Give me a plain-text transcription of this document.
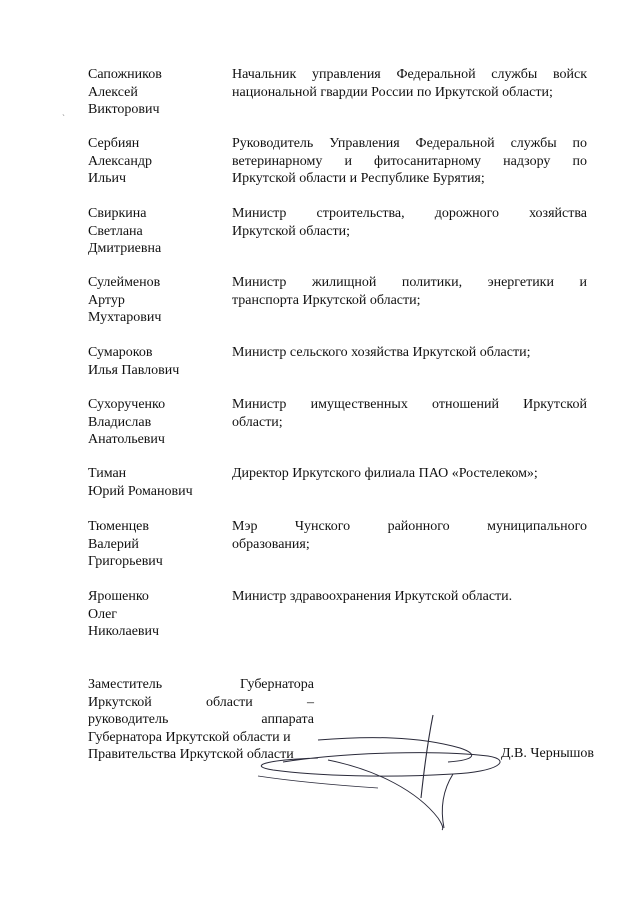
`
Сапожников
Алексей
Викторович
Начальник управления Федеральной службы войск
национальной гвардии России по Иркутской области;
Сербиян
Александр
Ильич
Руководитель Управления Федеральной службы по
ветеринарному и фитосанитарному надзору по
Иркутской области и Республике Бурятия;
Свиркина
Светлана
Дмитриевна
Министр строительства, дорожного хозяйства
Иркутской области;
Сулейменов
Артур
Мухтарович
Министр жилищной политики, энергетики и
транспорта Иркутской области;
Сумароков
Илья Павлович
Министр сельского хозяйства Иркутской области;
Сухорученко
Владислав
Анатольевич
Министр имущественных отношений Иркутской
области;
Тиман
Юрий Романович
Директор Иркутского филиала ПАО «Ростелеком»;
Тюменцев
Валерий
Григорьевич
Мэр Чунского районного муниципального
образования;
Ярошенко
Олег
Николаевич
Министр здравоохранения Иркутской области.
Заместитель Губернатора
Иркутской области –
руководитель аппарата
Губернатора Иркутской области и
Правительства Иркутской области	Д.В. Чернышов
